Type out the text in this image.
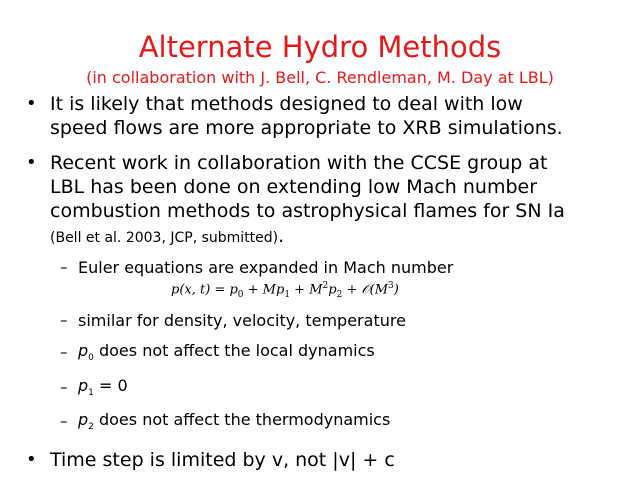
Alternate Hydro Methods
(in collaboration with J. Bell, C. Rendleman, M. Day at LBL)
• It is likely that methods designed to deal with low
speed flows are more appropriate to XRB simulations.
• Recent work in collaboration with the CCSE group at
LBL has been done on extending low Mach number
combustion methods to astrophysical flames for SN Ia
(Bell et al. 2003, JCP, submitted).
– Euler equations are expanded in Mach number
p(x, $t) = p_0 + Mp_1 + M^2p_2$ + $𝒪(M^3)$
– similar for density, velocity, temperature
– $p_0$ does not affect the local dynamics
– $p_1 = 0$
– $p_2$ does not affect the thermodynamics
• Time step is limited by v, not |v| + c
